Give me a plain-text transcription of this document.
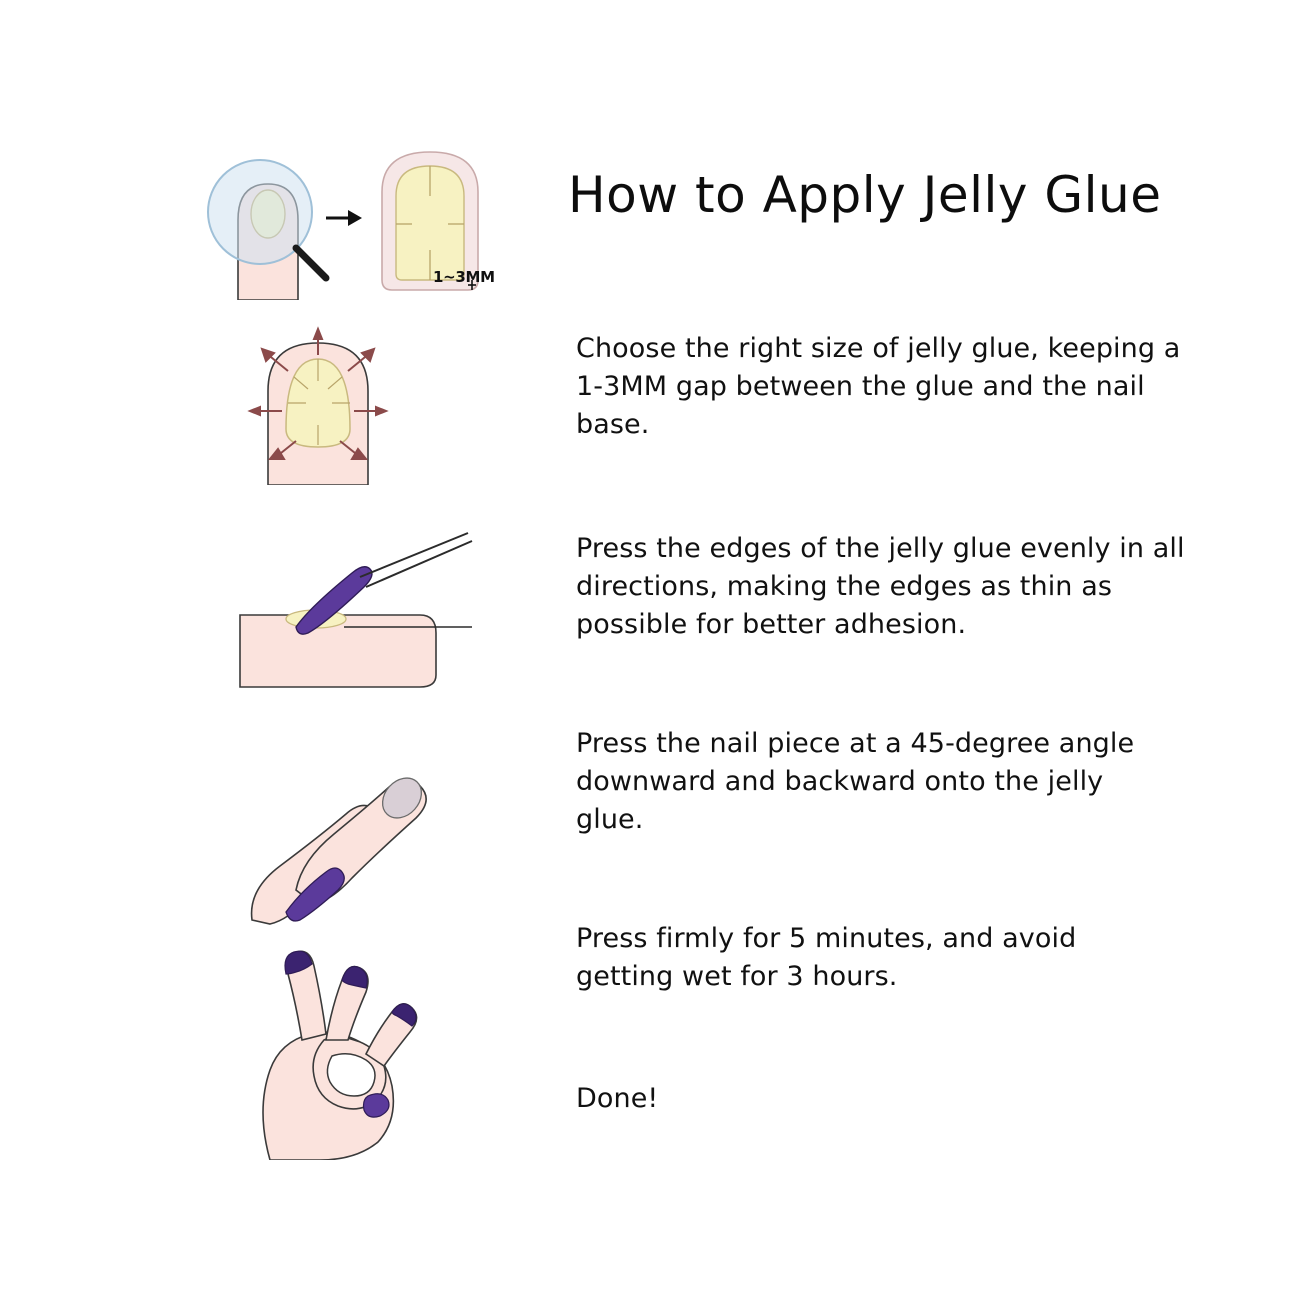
How to Apply Jelly Glue
1~3MM
Choose the right size of jelly glue, keeping a 1-3MM gap between the glue and the nail base.
Press the edges of the jelly glue evenly in all directions, making the edges as thin as possible for better adhesion.
Press the nail piece at a 45-degree angle downward and backward onto the jelly glue.
Press firmly for 5 minutes, and avoid getting wet for 3 hours.
Done!
